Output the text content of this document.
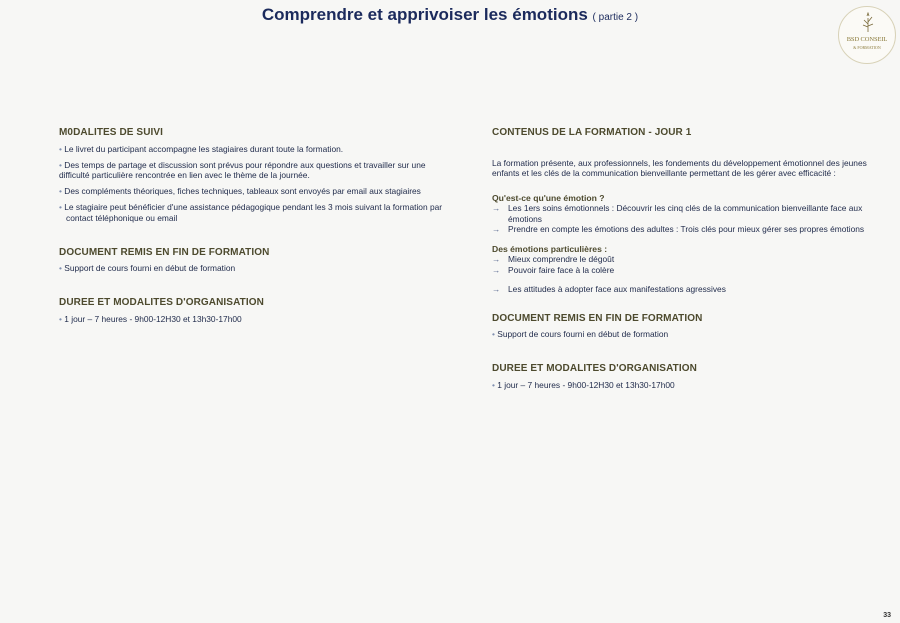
Comprendre et apprivoiser les émotions ( partie 2 )
BSD CONSEIL
& FORMATION
M0DALITES DE SUIVI
• Le livret du participant accompagne les stagiaires durant toute la formation.
• Des temps de partage et discussion sont prévus pour répondre aux questions et travailler sur une difficulté particulière rencontrée en lien avec le thème de la journée.
• Des compléments théoriques, fiches techniques, tableaux sont envoyés par email aux stagiaires
• Le stagiaire peut bénéficier d'une assistance pédagogique pendant les 3 mois suivant la formation par contact téléphonique ou email
DOCUMENT REMIS EN FIN DE FORMATION
• Support de cours fourni en début de formation
DUREE ET MODALITES D'ORGANISATION
• 1 jour – 7 heures - 9h00-12H30 et 13h30-17h00
CONTENUS DE LA FORMATION - JOUR 1
La formation présente, aux professionnels, les fondements du développement émotionnel des jeunes enfants et les clés de la communication bienveillante permettant de les gérer avec efficacité :
Qu'est-ce qu'une émotion ?
→ Les 1ers soins émotionnels : Découvrir les cinq clés de la communication bienveillante face aux émotions
→ Prendre en compte les émotions des adultes : Trois clés pour mieux gérer ses propres émotions
Des émotions particulières :
→ Mieux comprendre le dégoût
→ Pouvoir faire face à la colère
→ Les attitudes à adopter face aux manifestations agressives
DOCUMENT REMIS EN FIN DE FORMATION
• Support de cours fourni en début de formation
DUREE ET MODALITES D'ORGANISATION
• 1 jour – 7 heures - 9h00-12H30 et 13h30-17h00
33
